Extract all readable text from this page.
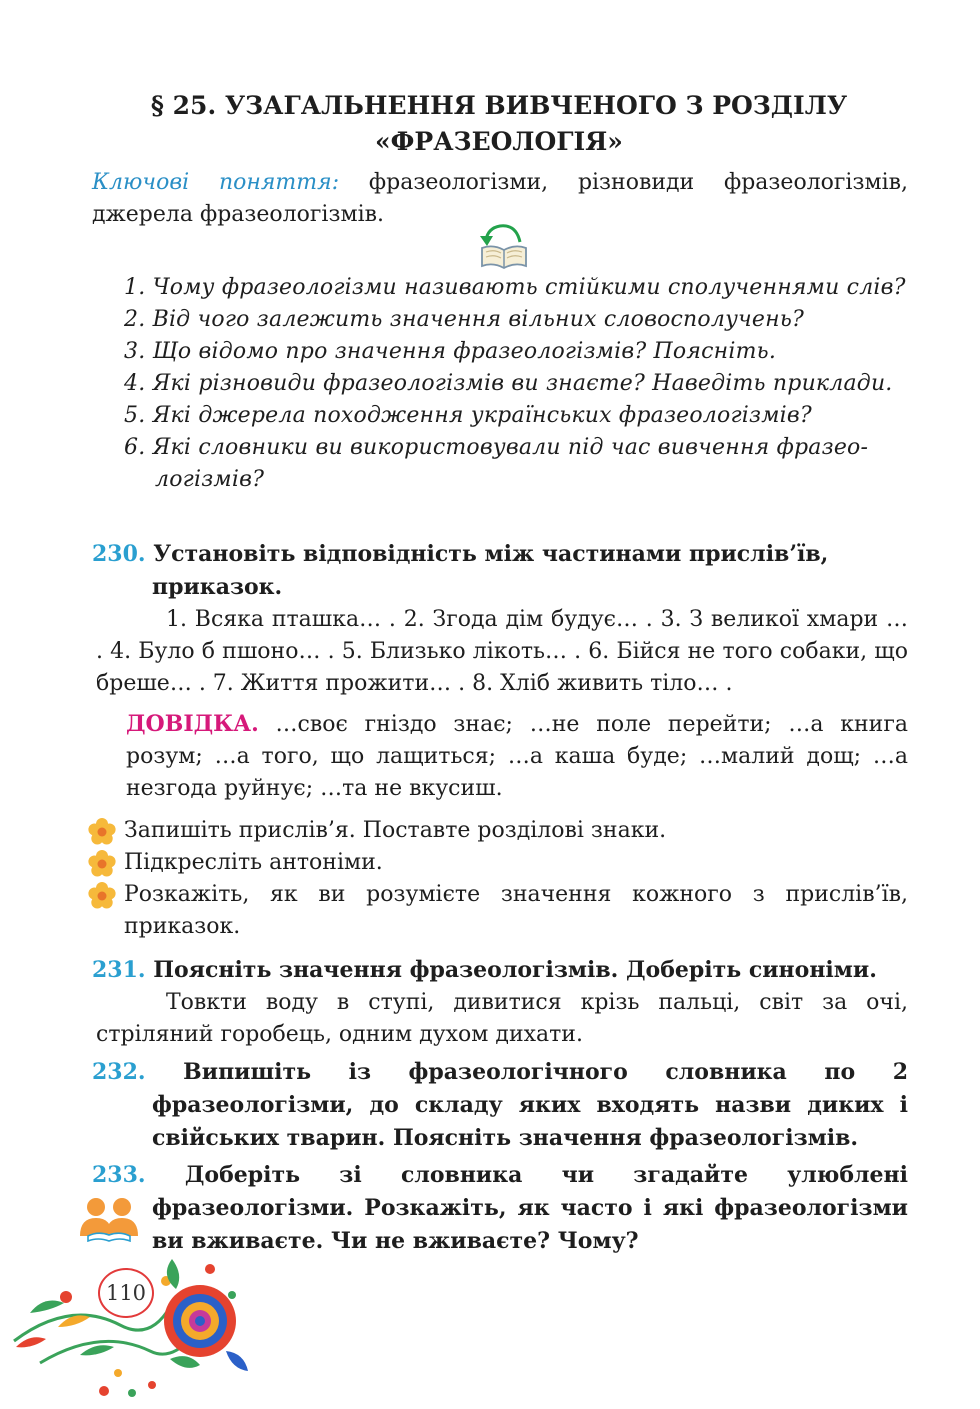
§ 25. УЗАГАЛЬНЕННЯ ВИВЧЕНОГО З РОЗДІЛУ
«ФРАЗЕОЛОГІЯ»
Ключові поняття: фразеологізми, різновиди фразеологізмів, джерела фразеологізмів.
1. Чому фразеологізми називають стійкими сполученнями слів?
2. Від чого залежить значення вільних словосполучень?
3. Що відомо про значення фразеологізмів? Поясніть.
4. Які різновиди фразеологізмів ви знаєте? Наведіть приклади.
5. Які джерела походження українських фразеологізмів?
6. Які словники ви використовували під час вивчення фразео-логізмів?
230. Установіть відповідність між частинами прислів’їв, приказок.
1. Всяка пташка… . 2. Згода дім будує… . 3. З великої хмари … . 4. Було б пшоно… . 5. Близько лікоть… . 6. Бійся не того собаки, що бреше… . 7. Життя прожити… . 8. Хліб живить тіло… .
ДОВІДКА. …своє гніздо знає; …не поле перейти; …а книга розум; …а того, що лащиться; …а каша буде; …малий дощ; …а незгода руйнує; …та не вкусиш.
Запишіть прислів’я. Поставте розділові знаки.
Підкресліть антоніми.
Розкажіть, як ви розумієте значення кожного з прислів’їв, приказок.
231. Поясніть значення фразеологізмів. Доберіть синоніми.
Товкти воду в ступі, дивитися крізь пальці, світ за очі, стріляний горобець, одним духом дихати.
232. Випишіть із фразеологічного словника по 2 фразеологізми, до складу яких входять назви диких і свійських тварин. Поясніть значення фразеологізмів.
233. Доберіть зі словника чи згадайте улюблені фразеологізми. Розкажіть, як часто і які фразеологізми ви вживаєте. Чи не вживаєте? Чому?
110
